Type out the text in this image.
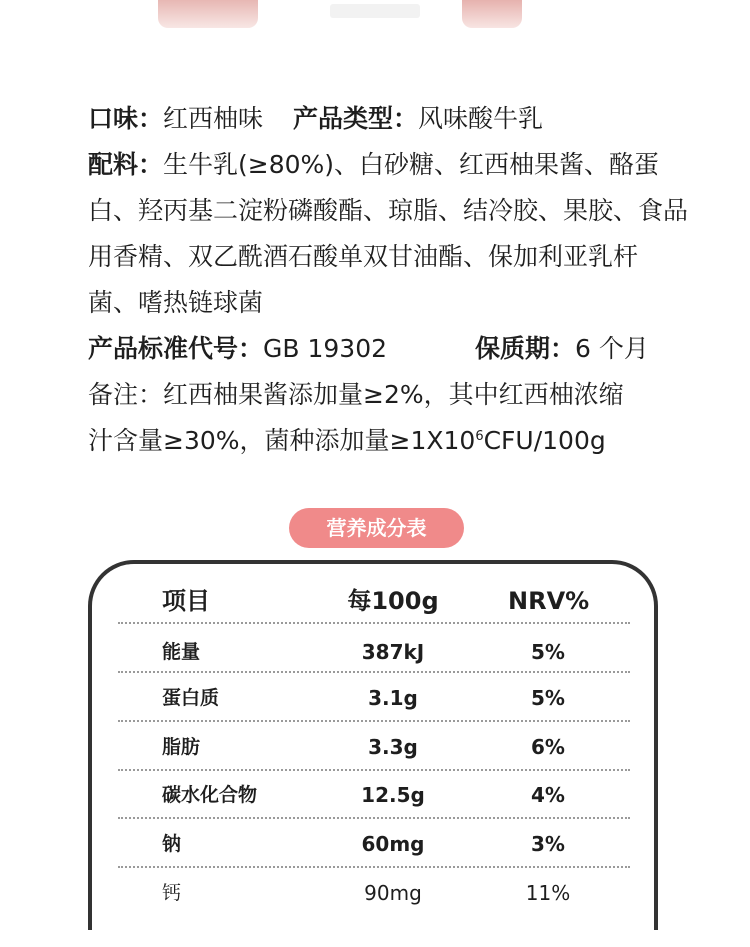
口味：红西柚味 产品类型：风味酸牛乳
配料：生牛乳(≥80%)、白砂糖、红西柚果酱、酪蛋
白、羟丙基二淀粉磷酸酯、琼脂、结冷胶、果胶、食品
用香精、双乙酰酒石酸单双甘油酯、保加利亚乳杆
菌、嗜热链球菌
产品标准代号：GB 19302	保质期：6 个月
备注：红西柚果酱添加量≥2%，其中红西柚浓缩
汁含量≥30%，菌种添加量$\ge 1X10^6CFU/100g$
营养成分表
项目	每100g	NRV%
能量	387kJ	5%
蛋白质	3.1g	5%
脂肪	3.3g	6%
碳水化合物	12.5g	4%
钠	60mg	3%
钙	90mg	11%
